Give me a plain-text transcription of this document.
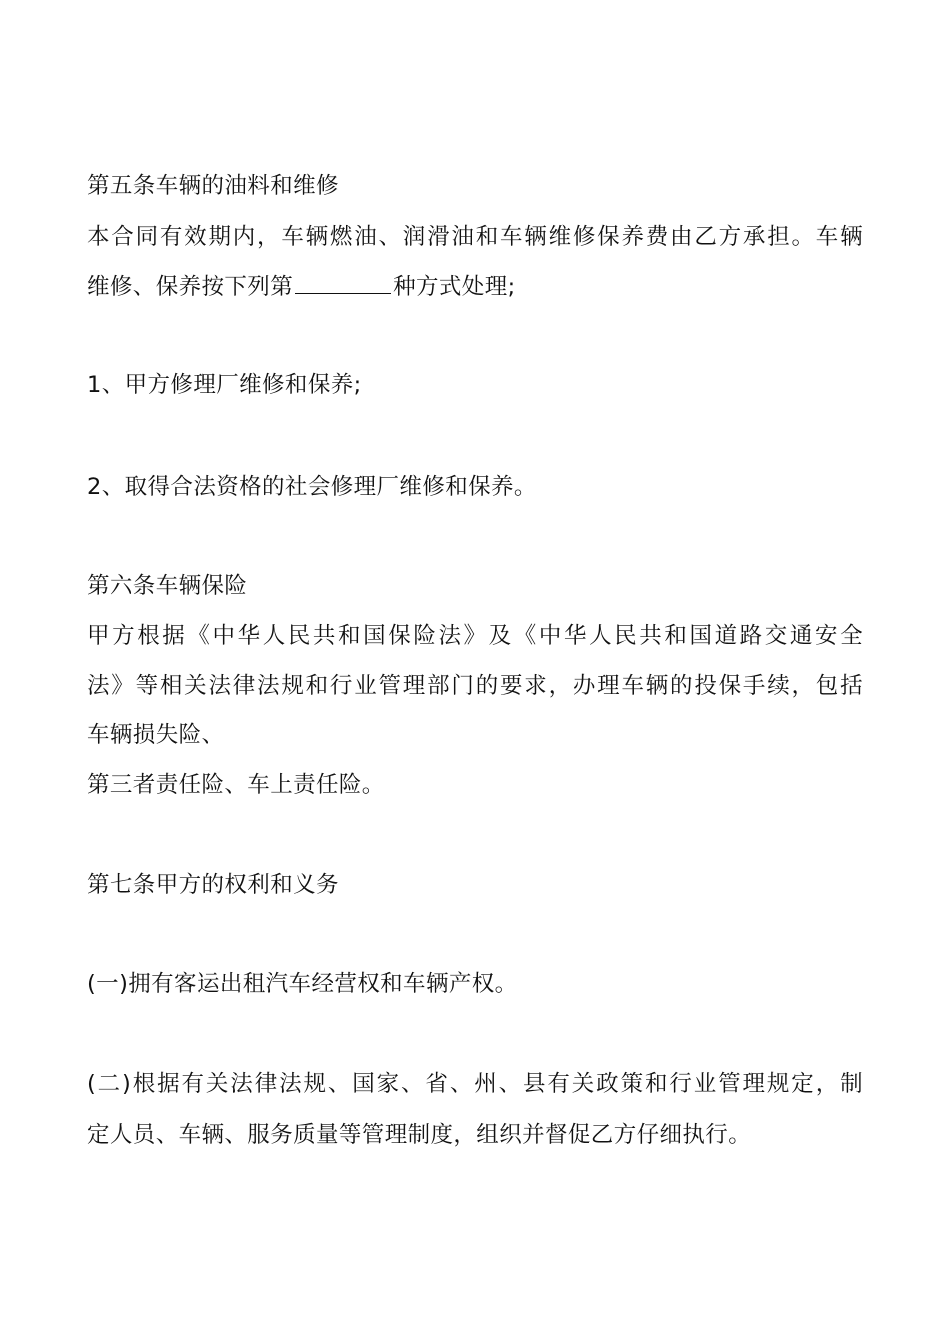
第五条车辆的油料和维修
本合同有效期内，车辆燃油、润滑油和车辆维修保养费由乙方承担。车辆
维修、保养按下列第	种方式处理;
1、甲方修理厂维修和保养;
2、取得合法资格的社会修理厂维修和保养。
第六条车辆保险
甲方根据《中华人民共和国保险法》及《中华人民共和国道路交通安全
法》等相关法律法规和行业管理部门的要求，办理车辆的投保手续，包括
车辆损失险、
第三者责任险、车上责任险。
第七条甲方的权利和义务
(一)拥有客运出租汽车经营权和车辆产权。
(二)根据有关法律法规、国家、省、州、县有关政策和行业管理规定，制
定人员、车辆、服务质量等管理制度，组织并督促乙方仔细执行。
